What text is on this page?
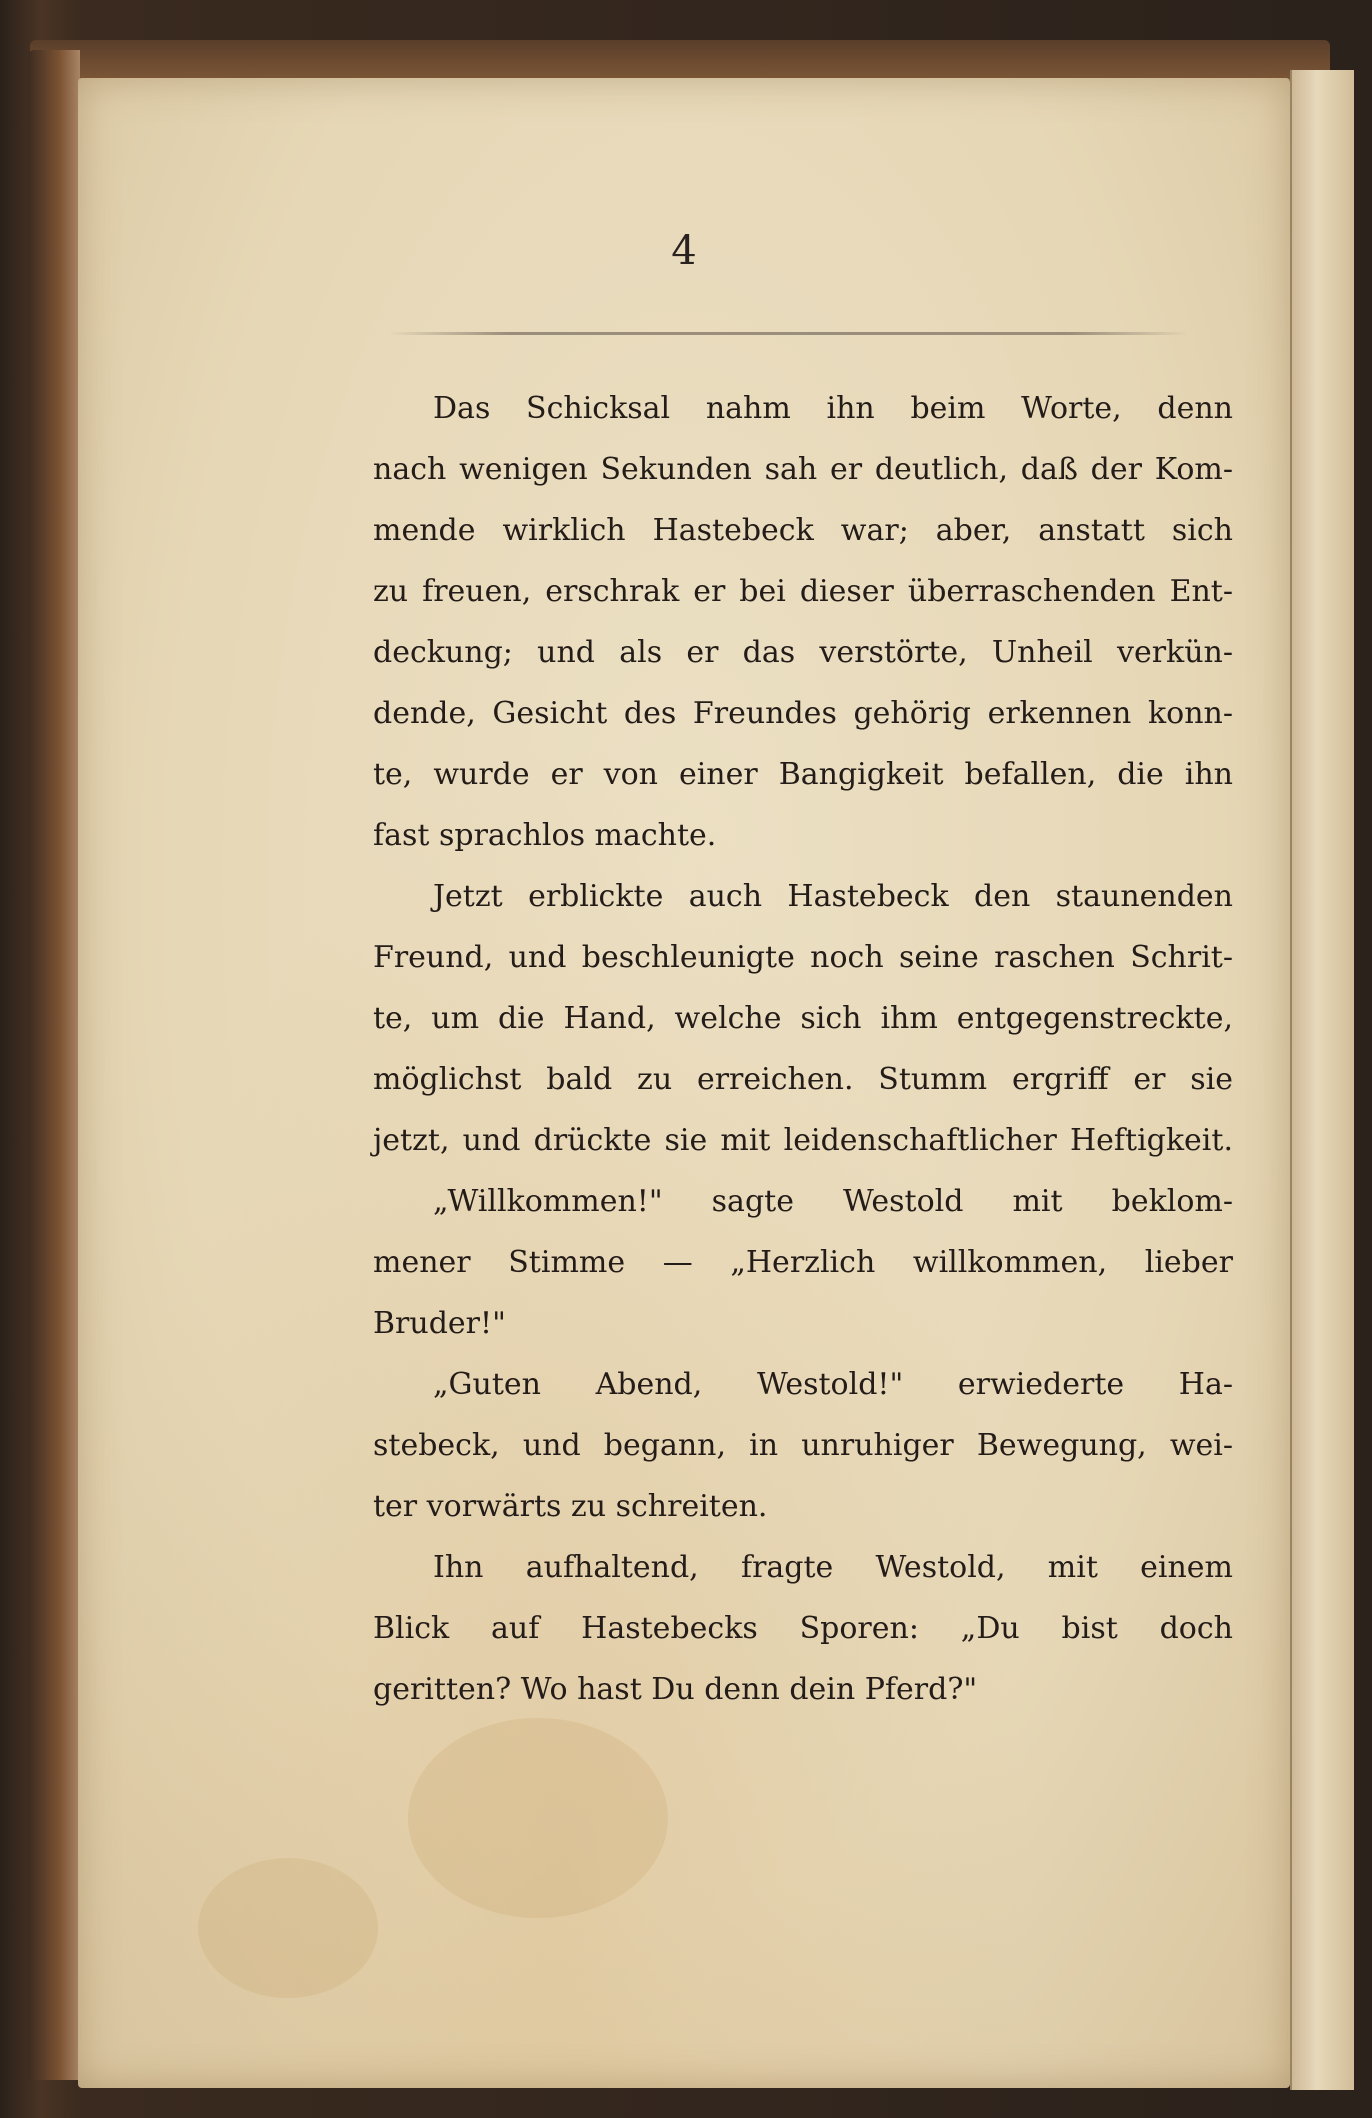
4
Das Schicksal nahm ihn beim Worte, denn
nach wenigen Sekunden sah er deutlich, daß der Kom-
mende wirklich Hastebeck war; aber, anstatt sich
zu freuen, erschrak er bei dieser überraschenden Ent-
deckung; und als er das verstörte, Unheil verkün-
dende, Gesicht des Freundes gehörig erkennen konn-
te, wurde er von einer Bangigkeit befallen, die ihn
fast sprachlos machte.
Jetzt erblickte auch Hastebeck den staunenden
Freund, und beschleunigte noch seine raschen Schrit-
te, um die Hand, welche sich ihm entgegenstreckte,
möglichst bald zu erreichen. Stumm ergriff er sie
jetzt, und drückte sie mit leidenschaftlicher Heftigkeit.
„Willkommen!" sagte Westold mit beklom-
mener Stimme — „Herzlich willkommen, lieber
Bruder!"
„Guten Abend, Westold!" erwiederte Ha-
stebeck, und begann, in unruhiger Bewegung, wei-
ter vorwärts zu schreiten.
Ihn aufhaltend, fragte Westold, mit einem
Blick auf Hastebecks Sporen: „Du bist doch
geritten? Wo hast Du denn dein Pferd?"
